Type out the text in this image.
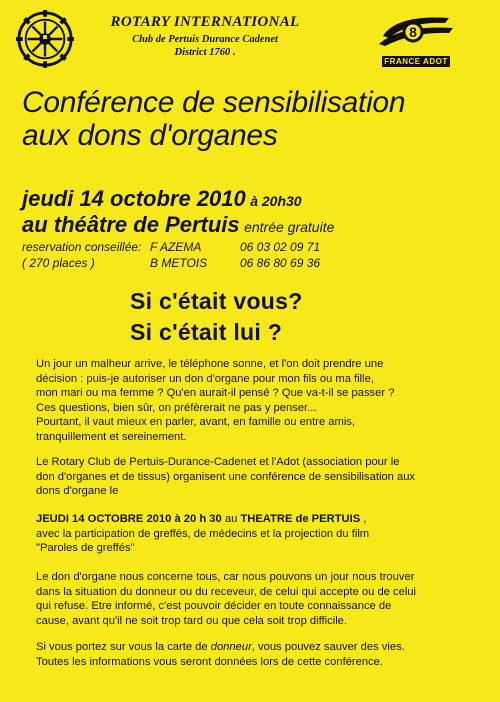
ROTARY INTERNATIONAL
Club de Pertuis Durance Cadenet
District 1760 .
8
FRANCE ADOT
Conférence de sensibilisation
aux dons d'organes
jeudi 14 octobre 2010 à 20h30
au théâtre de Pertuis entrée gratuite
reservation conseillée: F AZEMA	06 03 02 09 71
( 270 places )	B METOIS	06 86 80 69 36
Si c'était vous?
Si c'était lui ?
Un jour un malheur arrive, le téléphone sonne, et l'on doit prendre une
décision : puis-je autoriser un don d'organe pour mon fils ou ma fille,
mon mari ou ma femme ? Qu'en aurait-il pensé ? Que va-t-il se passer ?
Ces questions, bien sûr, on préfèrerait ne pas y penser...
Pourtant, il vaut mieux en parler, avant, en famille ou entre amis,
tranquillement et sereinement.
Le Rotary Club de Pertuis-Durance-Cadenet et l'Adot (association pour le
don d'organes et de tissus) organisent une conférence de sensibilisation aux
dons d'organe le
JEUDI 14 OCTOBRE 2010 à 20 h 30 au THEATRE de PERTUIS ,
avec la participation de greffés, de médecins et la projection du film
"Paroles de greffés"
Le don d'organe nous concerne tous, car nous pouvons un jour nous trouver
dans la situation du donneur ou du receveur, de celui qui accepte ou de celui
qui refuse. Etre informé, c'est pouvoir décider en toute connaissance de
cause, avant qu'il ne soit trop tard ou que cela soit trop difficile.
Si vous portez sur vous la carte de donneur, vous pouvez sauver des vies.
Toutes les informations vous seront données lors de cette conférence.
